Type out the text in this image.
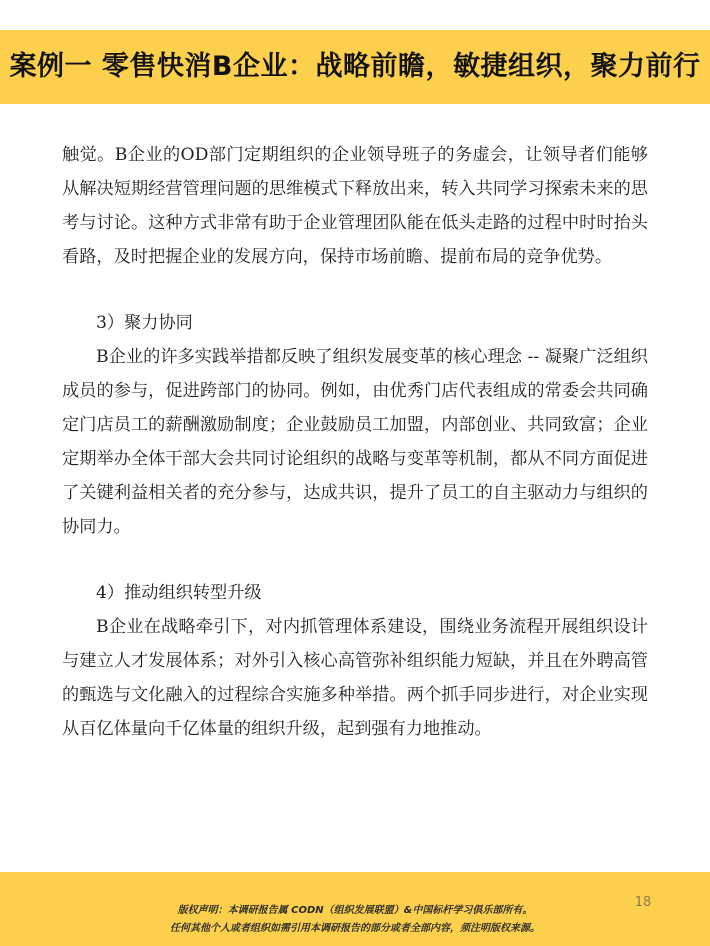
案例一 零售快消B企业：战略前瞻，敏捷组织，聚力前行

触觉。B企业的OD部门定期组织的企业领导班子的务虚会，让领导者们能够从解决短期经营管理问题的思维模式下释放出来，转入共同学习探索未来的思考与讨论。这种方式非常有助于企业管理团队能在低头走路的过程中时时抬头看路，及时把握企业的发展方向，保持市场前瞻、提前布局的竞争优势。

3）聚力协同

B企业的许多实践举措都反映了组织发展变革的核心理念 -- 凝聚广泛组织成员的参与，促进跨部门的协同。例如，由优秀门店代表组成的常委会共同确定门店员工的薪酬激励制度；企业鼓励员工加盟，内部创业、共同致富；企业定期举办全体干部大会共同讨论组织的战略与变革等机制，都从不同方面促进了关键利益相关者的充分参与，达成共识，提升了员工的自主驱动力与组织的协同力。

4）推动组织转型升级

B企业在战略牵引下，对内抓管理体系建设，围绕业务流程开展组织设计与建立人才发展体系；对外引入核心高管弥补组织能力短缺，并且在外聘高管的甄选与文化融入的过程综合实施多种举措。两个抓手同步进行，对企业实现从百亿体量向千亿体量的组织升级，起到强有力地推动。

版权声明：本调研报告属 CODN（组织发展联盟）&中国标杆学习俱乐部所有。
任何其他个人或者组织如需引用本调研报告的部分或者全部内容，须注明版权来源。
18
